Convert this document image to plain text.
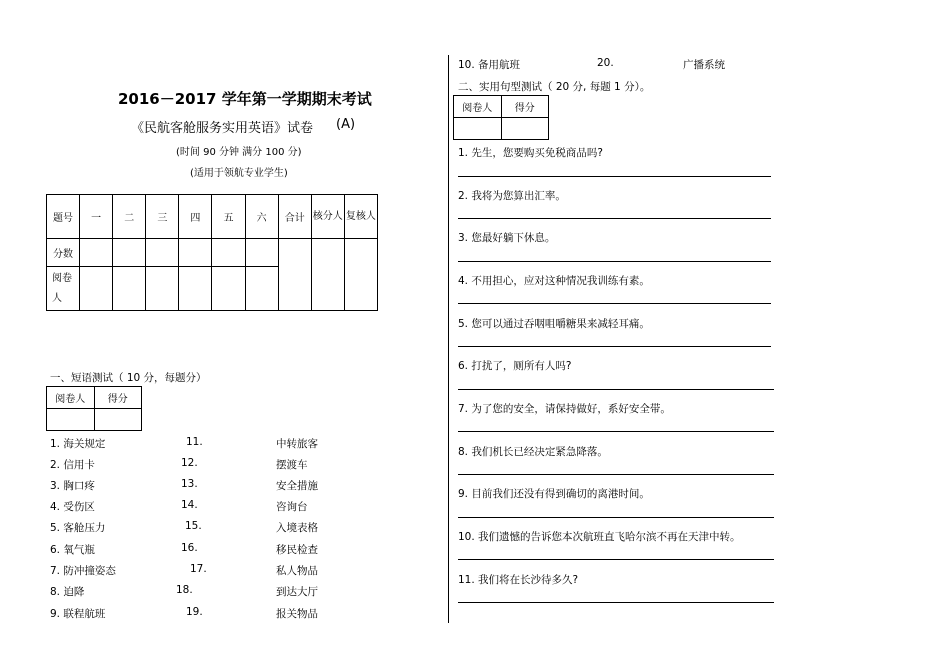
2016－2017 学年第一学期期末考试
《民航客舱服务实用英语》试卷 (A)
(时间 90 分钟 满分 100 分)
(适用于领航专业学生)
题号	一	二	三	四	五	六	合计	核分人	复核人
分数									
阅卷人									
一、短语测试（ 10 分，每题分）
阅卷人	得分

1. 海关规定	11.	中转旅客
2. 信用卡	12.	摆渡车
3. 胸口疼	13.	安全措施
4. 受伤区	14.	咨询台
5. 客舱压力	15.	入境表格
6. 氧气瓶	16.	移民检查
7. 防冲撞姿态	17.	私人物品
8. 迫降	18.	到达大厅
9. 联程航班	19.	报关物品
10. 备用航班	20.	广播系统
二、实用句型测试（ 20 分, 每题 1 分）。
阅卷人	得分

1. 先生，您要购买免税商品吗?
2. 我将为您算出汇率。
3. 您最好躺下休息。
4. 不用担心，应对这种情况我训练有素。
5. 您可以通过吞咽咀嚼糖果来减轻耳痛。
6. 打扰了，厕所有人吗?
7. 为了您的安全，请保持做好，系好安全带。
8. 我们机长已经决定紧急降落。
9. 目前我们还没有得到确切的离港时间。
10. 我们遗憾的告诉您本次航班直飞哈尔滨不再在天津中转。
11. 我们将在长沙待多久?
